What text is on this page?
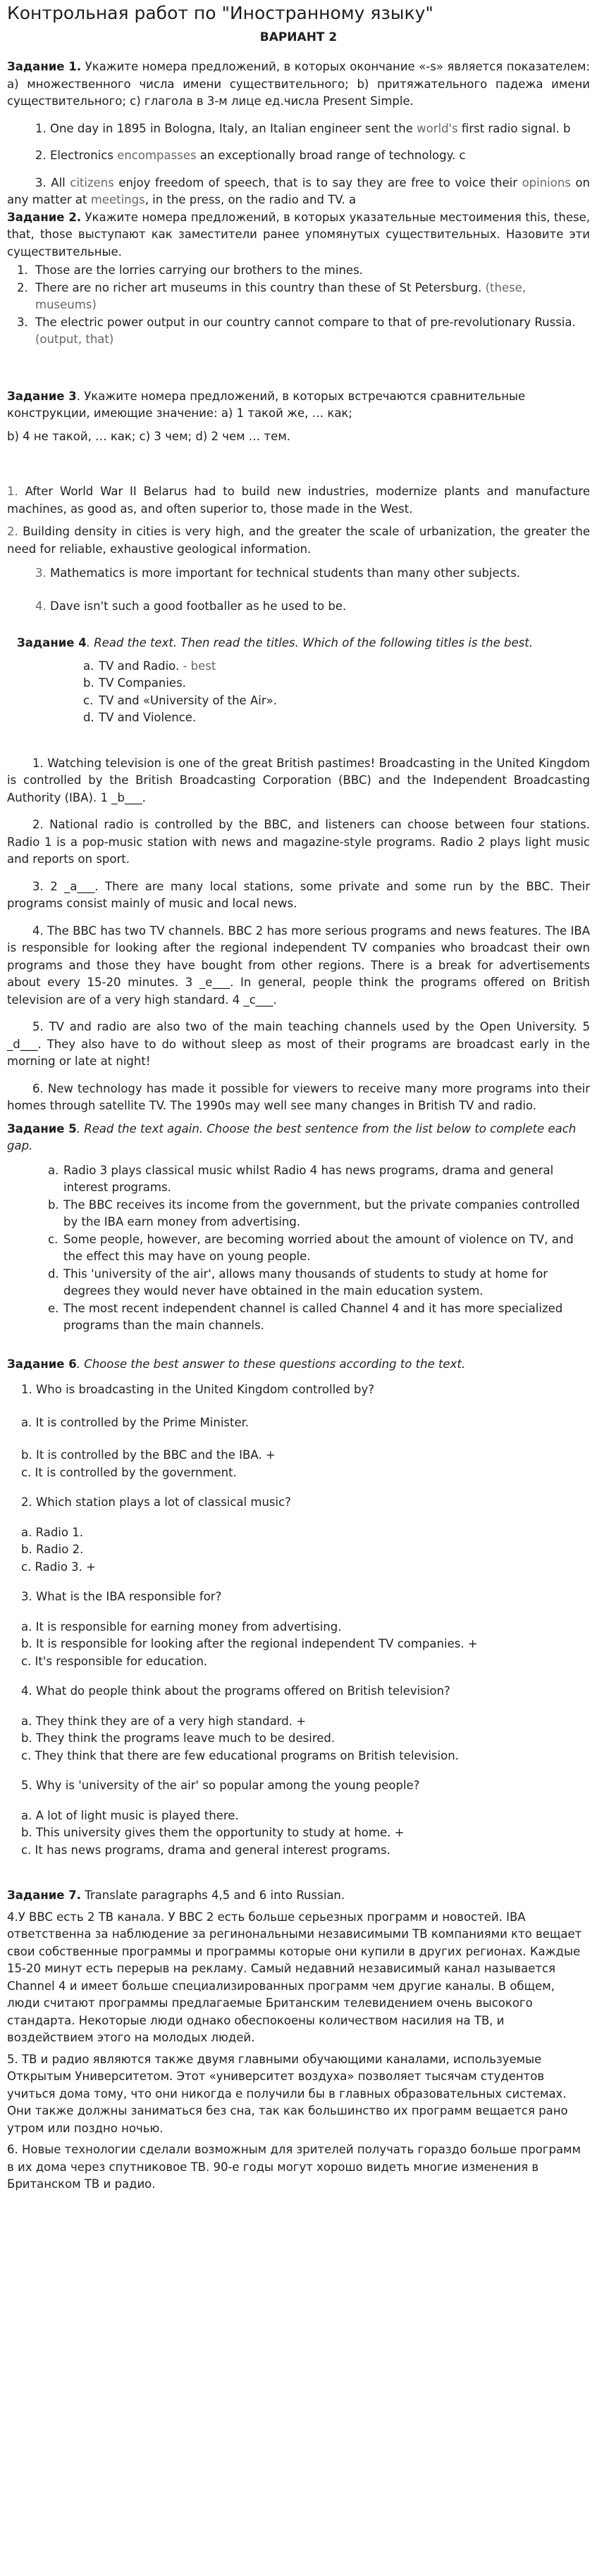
Контрольная работ по "Иностранному языку"
ВАРИАНТ 2

Задание 1. Укажите номера предложений, в которых окончание «-s» является показателем: а) множественного числа имени существительного; b) притяжательного падежа имени существительного; с) глагола в 3-м лице ед.числа Present Simple.

1. One day in 1895 in Bologna, Italy, an Italian engineer sent the world's first radio signal. b

2. Electronics encompasses an exceptionally broad range of technology. c

3. All citizens enjoy freedom of speech, that is to say they are free to voice their opinions on any matter at meetings, in the press, on the radio and TV. a

Задание 2. Укажите номера предложений, в которых указательные местоимения this, these, that, those выступают как заместители ранее упомянутых существительных. Назовите эти существительные.

1. Those are the lorries carrying our brothers to the mines.
2. There are no richer art museums in this country than these of St Petersburg. (these, museums)
3. The electric power output in our country cannot compare to that of pre-revolutionary Russia. (output, that)

Задание 3. Укажите номера предложений, в которых встречаются сравнительные конструкции, имеющие значение: а) 1 такой же, … как;

b) 4 не такой, … как; c) 3 чем; d) 2 чем … тем.

1. After World War II Belarus had to build new industries, modernize plants and manufacture machines, as good as, and often superior to, those made in the West.

2. Building density in cities is very high, and the greater the scale of urbanization, the greater the need for reliable, exhaustive geological information.

3. Mathematics is more important for technical students than many other subjects.

4. Dave isn't such a good footballer as he used to be.

Задание 4. Read the text. Then read the titles. Which of the following titles is the best.

a. TV and Radio. - best
b. TV Companies.
c. TV and «University of the Air».
d. TV and Violence.

1. Watching television is one of the great British pastimes! Broadcasting in the United Kingdom is controlled by the British Broadcasting Corporation (BBC) and the Independent Broadcasting Authority (IBA). 1 _b___.

2. National radio is controlled by the BBC, and listeners can choose between four stations. Radio 1 is a pop-music station with news and magazine-style programs. Radio 2 plays light music and reports on sport.

3. 2 _a___. There are many local stations, some private and some run by the BBC. Their programs consist mainly of music and local news.

4. The BBC has two TV channels. BBC 2 has more serious programs and news features. The IBA is responsible for looking after the regional independent TV companies who broadcast their own programs and those they have bought from other regions. There is a break for advertisements about every 15-20 minutes. 3 _e___. In general, people think the programs offered on British television are of a very high standard. 4 _c___.

5. TV and radio are also two of the main teaching channels used by the Open University. 5 _d___. They also have to do without sleep as most of their programs are broadcast early in the morning or late at night!

6. New technology has made it possible for viewers to receive many more programs into their homes through satellite TV. The 1990s may well see many changes in British TV and radio.

Задание 5. Read the text again. Choose the best sentence from the list below to complete each gap.

a. Radio 3 plays classical music whilst Radio 4 has news programs, drama and general interest programs.
b. The BBC receives its income from the government, but the private companies controlled by the IBA earn money from advertising.
c. Some people, however, are becoming worried about the amount of violence on TV, and the effect this may have on young people.
d. This 'university of the air', allows many thousands of students to study at home for degrees they would never have obtained in the main education system.
e. The most recent independent channel is called Channel 4 and it has more specialized programs than the main channels.

Задание 6. Choose the best answer to these questions according to the text.

1. Who is broadcasting in the United Kingdom controlled by?

a. It is controlled by the Prime Minister.

b. It is controlled by the BBC and the IBA. +

c. It is controlled by the government.

2. Which station plays a lot of classical music?

a. Radio 1.

b. Radio 2.

c. Radio 3. +

3. What is the IBA responsible for?

a. It is responsible for earning money from advertising.

b. It is responsible for looking after the regional independent TV companies. +

c. It's responsible for education.

4. What do people think about the programs offered on British television?

a. They think they are of a very high standard. +

b. They think the programs leave much to be desired.

c. They think that there are few educational programs on British television.

5. Why is 'university of the air' so popular among the young people?

a. A lot of light music is played there.

b. This university gives them the opportunity to study at home. +

c. It has news programs, drama and general interest programs.

Задание 7. Translate paragraphs 4,5 and 6 into Russian.

4.У BBC есть 2 ТВ канала. У BBC 2 есть больше серьезных программ и новостей. IBA ответственна за наблюдение за регинональными независимыми ТВ компаниями кто вещает свои собственные программы и программы которые они купили в других регионах. Каждые 15-20 минут есть перерыв на рекламу. Самый недавний независимый канал называется Channel 4 и имеет больше специализированных программ чем другие каналы. В общем, люди считают программы предлагаемые Британским телевидением очень высокого стандарта. Некоторые люди однако обеспокоены количеством насилия на ТВ, и воздействием этого на молодых людей.

5. ТВ и радио являются также двумя главными обучающими каналами, используемые Открытым Университетом. Этот «университет воздуха» позволяет тысячам студентов учиться дома тому, что они никогда е получили бы в главных образовательных системах. Они также должны заниматься без сна, так как большинство их программ вещается рано утром или поздно ночью.

6. Новые технологии сделали возможным для зрителей получать гораздо больше программ в их дома через спутниковое ТВ. 90-е годы могут хорошо видеть многие изменения в Британском ТВ и радио.
